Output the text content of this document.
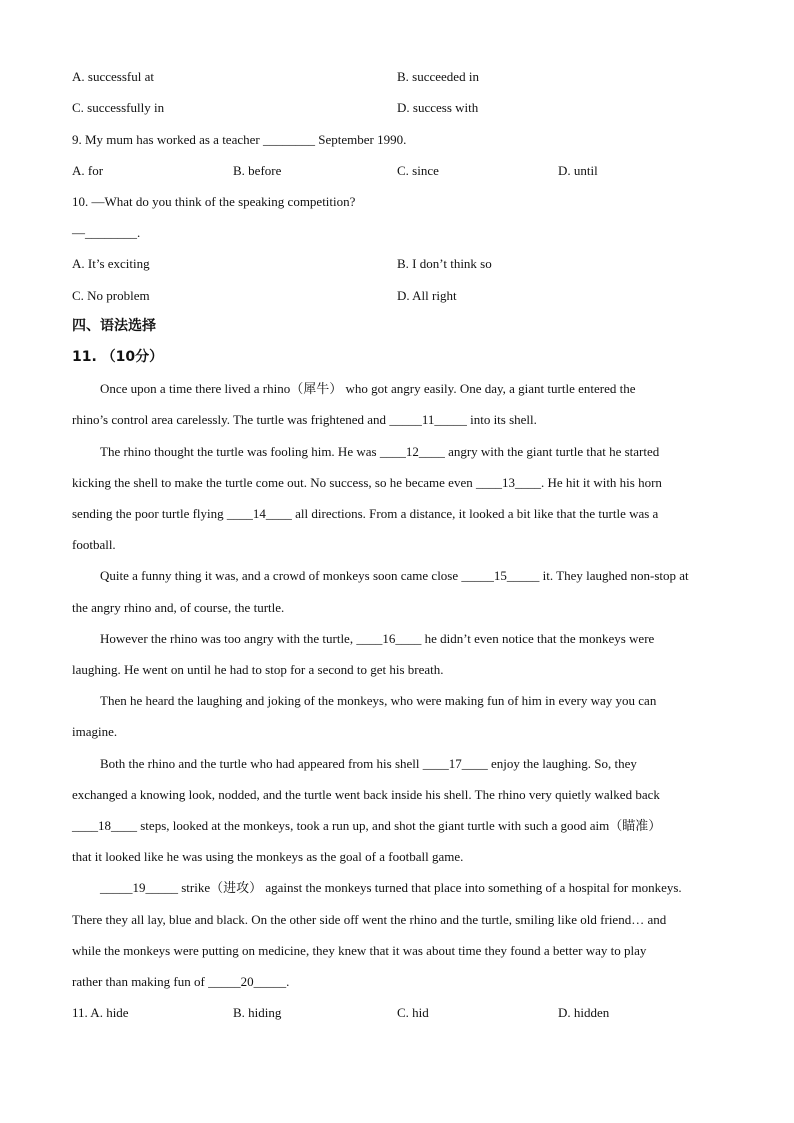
A. successful at	B. succeeded in
C. successfully in	D. success with
9. My mum has worked as a teacher ________ September 1990.
A. for	B. before	C. since	D. until
10. —What do you think of the speaking competition?
—________.
A. It’s exciting	B. I don’t think so
C. No problem	D. All right
四、语法选择
11. （10分）
Once upon a time there lived a rhino（犀牛） who got angry easily. One day, a giant turtle entered the
rhino’s control area carelessly. The turtle was frightened and _____11_____ into its shell.
The rhino thought the turtle was fooling him. He was ____12____ angry with the giant turtle that he started
kicking the shell to make the turtle come out. No success, so he became even ____13____. He hit it with his horn
sending the poor turtle flying ____14____ all directions. From a distance, it looked a bit like that the turtle was a
football.
Quite a funny thing it was, and a crowd of monkeys soon came close _____15_____ it. They laughed non-stop at
the angry rhino and, of course, the turtle.
However the rhino was too angry with the turtle, ____16____ he didn’t even notice that the monkeys were
laughing. He went on until he had to stop for a second to get his breath.
Then he heard the laughing and joking of the monkeys, who were making fun of him in every way you can
imagine.
Both the rhino and the turtle who had appeared from his shell ____17____ enjoy the laughing. So, they
exchanged a knowing look, nodded, and the turtle went back inside his shell. The rhino very quietly walked back
____18____ steps, looked at the monkeys, took a run up, and shot the giant turtle with such a good aim（瞄准）
that it looked like he was using the monkeys as the goal of a football game.
_____19_____ strike（进攻） against the monkeys turned that place into something of a hospital for monkeys.
There they all lay, blue and black. On the other side off went the rhino and the turtle, smiling like old friend… and
while the monkeys were putting on medicine, they knew that it was about time they found a better way to play
rather than making fun of _____20_____.
11. A. hide	B. hiding	C. hid	D. hidden
